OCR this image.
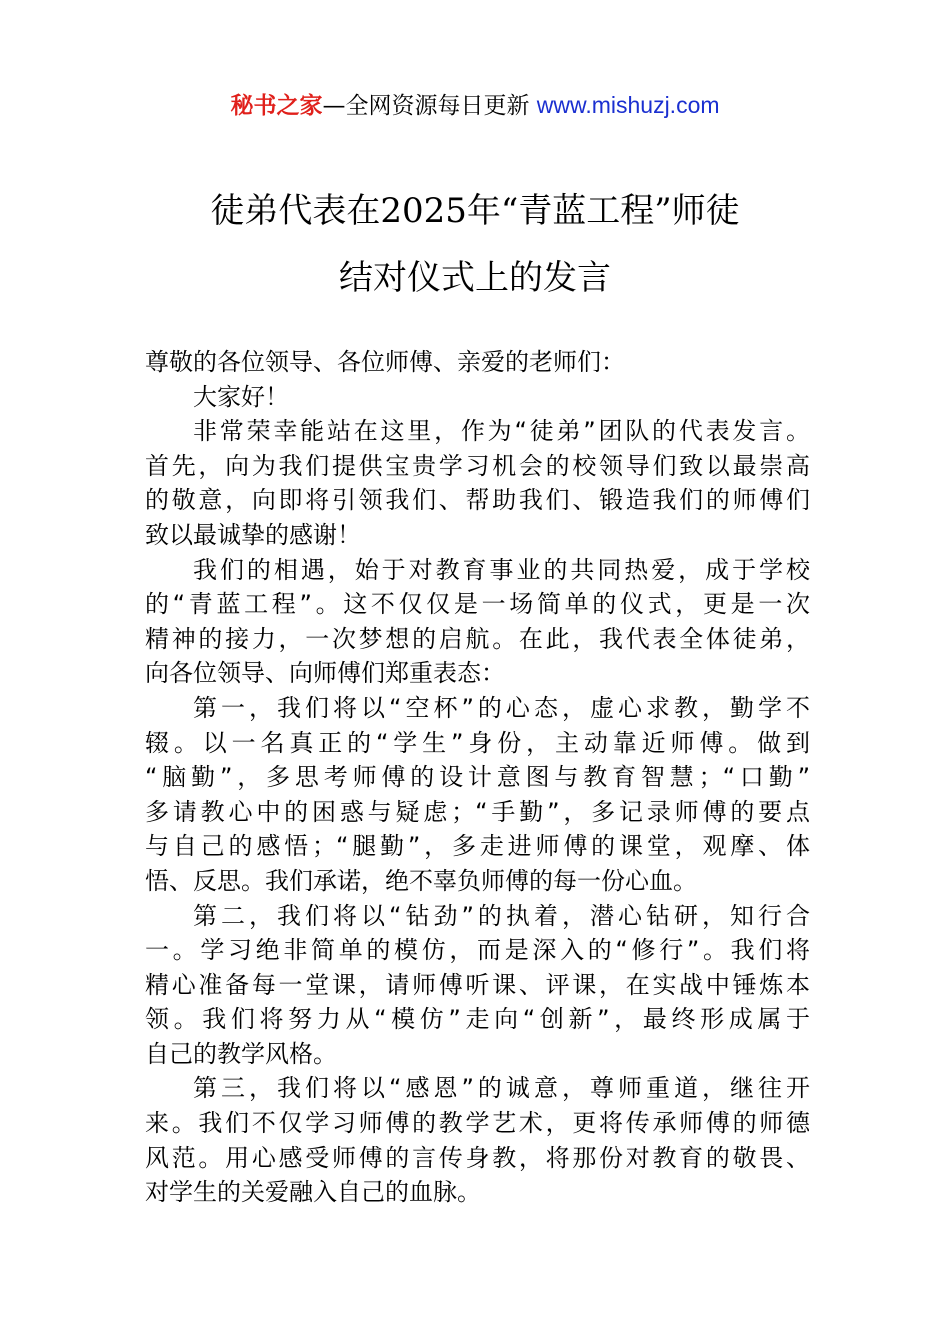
秘书之家—全网资源每日更新 www.mishuzj.com
徒弟代表在2025年“青蓝工程”师徒
结对仪式上的发言
尊敬的各位领导、各位师傅、亲爱的老师们：
大家好！
非常荣幸能站在这里，作为“徒弟”团队的代表发言。
首先，向为我们提供宝贵学习机会的校领导们致以最崇高
的敬意，向即将引领我们、帮助我们、锻造我们的师傅们
致以最诚挚的感谢！
我们的相遇，始于对教育事业的共同热爱，成于学校
的“青蓝工程”。这不仅仅是一场简单的仪式，更是一次
精神的接力，一次梦想的启航。在此，我代表全体徒弟，
向各位领导、向师傅们郑重表态：
第一，我们将以“空杯”的心态，虚心求教，勤学不
辍。以一名真正的“学生”身份，主动靠近师傅。做到
“脑勤”，多思考师傅的设计意图与教育智慧；“口勤”
多请教心中的困惑与疑虑；“手勤”，多记录师傅的要点
与自己的感悟；“腿勤”，多走进师傅的课堂，观摩、体
悟、反思。我们承诺，绝不辜负师傅的每一份心血。
第二，我们将以“钻劲”的执着，潜心钻研，知行合
一。学习绝非简单的模仿，而是深入的“修行”。我们将
精心准备每一堂课，请师傅听课、评课，在实战中锤炼本
领。我们将努力从“模仿”走向“创新”，最终形成属于
自己的教学风格。
第三，我们将以“感恩”的诚意，尊师重道，继往开
来。我们不仅学习师傅的教学艺术，更将传承师傅的师德
风范。用心感受师傅的言传身教，将那份对教育的敬畏、
对学生的关爱融入自己的血脉。
